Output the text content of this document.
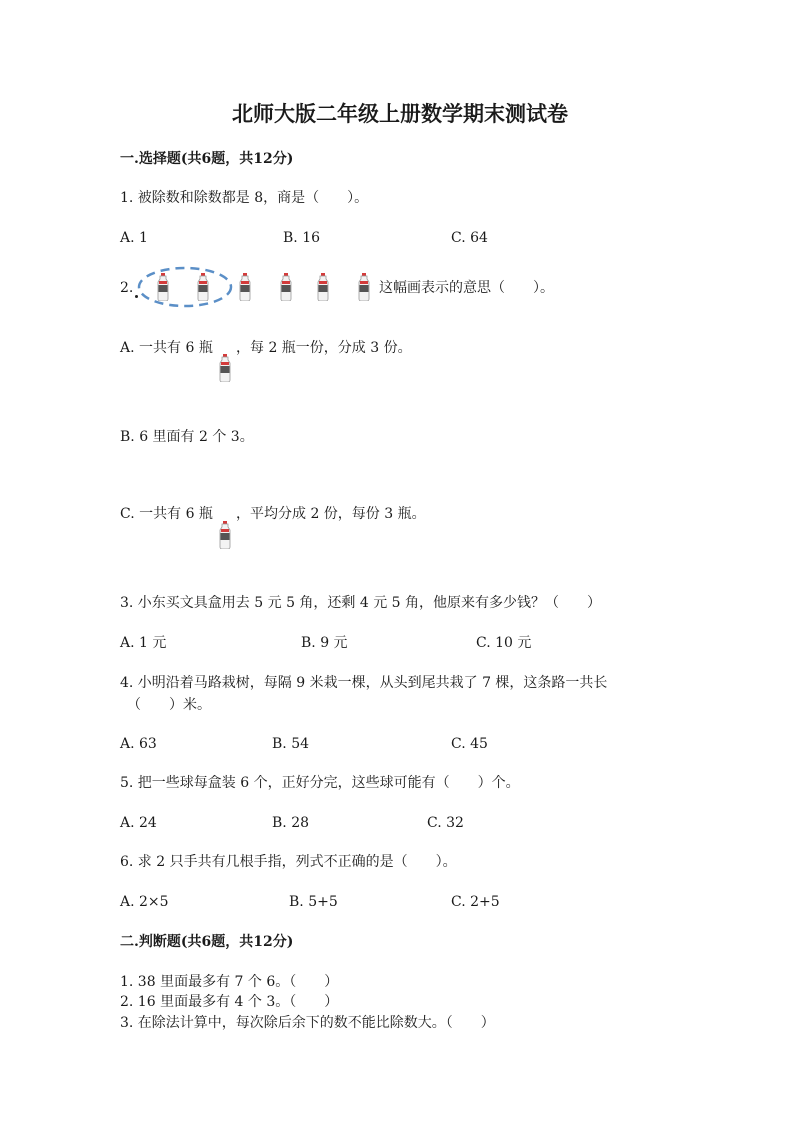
北师大版二年级上册数学期末测试卷
一.选择题(共6题，共12分)
1. 被除数和除数都是 8，商是（　　）。
A. 1	B. 16	C. 64
2.	这幅画表示的意思（　　）。
A. 一共有 6 瓶 ，每 2 瓶一份，分成 3 份。
B. 6 里面有 2 个 3。
C. 一共有 6 瓶 ，平均分成 2 份，每份 3 瓶。
3. 小东买文具盒用去 5 元 5 角，还剩 4 元 5 角，他原来有多少钱？（　　）
A. 1 元	B. 9 元	C. 10 元
4. 小明沿着马路栽树，每隔 9 米栽一棵，从头到尾共栽了 7 棵，这条路一共长
（　　）米。
A. 63	B. 54	C. 45
5. 把一些球每盒装 6 个，正好分完，这些球可能有（　　）个。
A. 24	B. 28	C. 32
6. 求 2 只手共有几根手指，列式不正确的是（　　）。
A. 2×5	B. 5+5	C. 2+5
二.判断题(共6题，共12分)
1. 38 里面最多有 7 个 6。（　　）
2. 16 里面最多有 4 个 3。（　　）
3. 在除法计算中，每次除后余下的数不能比除数大。（　　）
